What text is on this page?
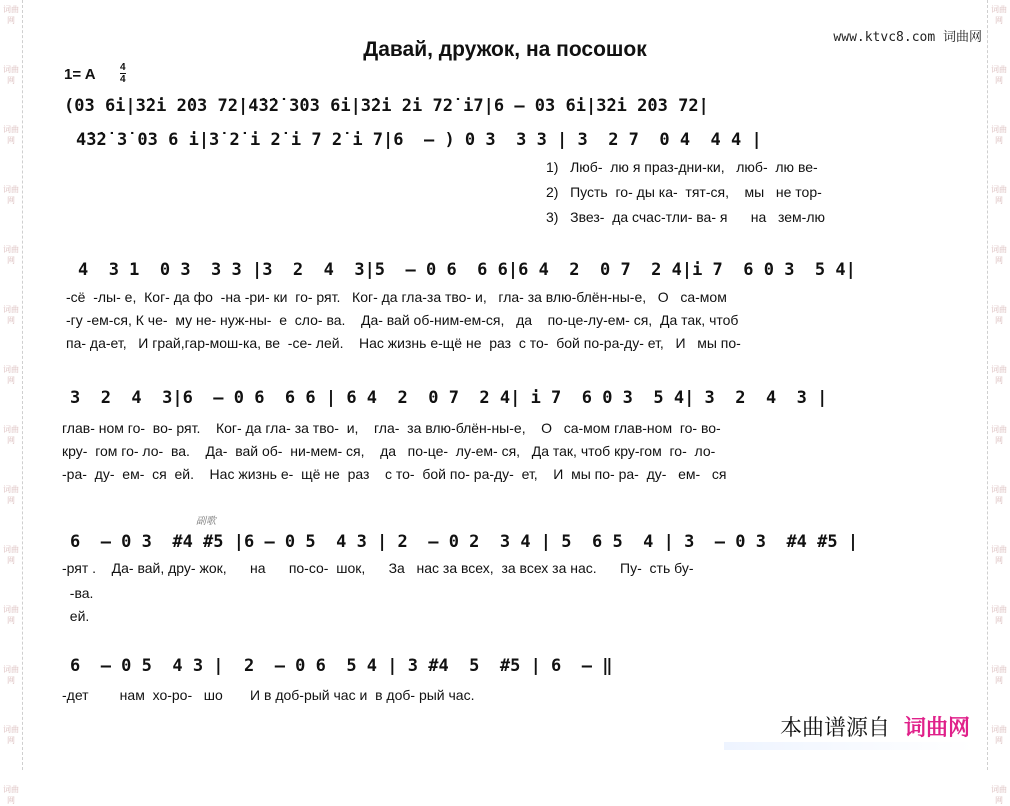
词曲网
词曲网
词曲网
词曲网
词曲网
词曲网
词曲网
词曲网
词曲网
词曲网
词曲网
词曲网
词曲网
词曲网
词曲网
词曲网
词曲网
词曲网
词曲网
词曲网
词曲网
词曲网
词曲网
词曲网
词曲网
词曲网
词曲网
词曲网
www.ktvc8.com 词曲网
Давай, дружок, на посошок
1= A 4
4
(03 6i|3̇2̇i 2̇03 72̇|4̇3̇2̇ 3̇03 6i|3̇2̇i 2̇i 72̇ i7|6 – 03 6i|3̇2̇i 2̇03 72̇|
4̇3̇2̇ 3̇ 03 6 i|3̇ 2̇ i 2̇ i 7 2̇ i 7|6  – ) 0 3  3 3 | 3  2 7  0 4  4 4 |
1)   Люб-  лю я праз-дни-ки,   люб-  лю ве-
2)   Пусть  го- ды ка-  тят-ся,    мы   не тор-
3)   Звез-  да счас-тли- ва- я      на   зем-лю
4  3 1  0 3  3 3 |3  2  4  3|5  – 0 6  6 6|6 4  2  0 7  2 4|i 7  6 0 3  5 4|
-сё  -лы- е,  Ког- да фо  -на -ри- ки  го- рят.   Ког- да гла-за тво- и,   гла- за влю-блён-ны-е,   О   са-мом
-гу -ем-ся, К че-  му не- нуж-ны-  е  сло- ва.    Да- вай об-ним-ем-ся,   да    по-це-лу-ем- ся,  Да так, чтоб
па- да-ет,   И грай,гар-мош-ка, ве  -се- лей.    Нас жизнь е-щё не  раз  с то-  бой по-ра-ду- ет,   И   мы по-
3  2  4  3|6  – 0 6  6 6 | 6 4  2  0 7  2 4| i 7  6 0 3  5 4| 3  2  4  3 |
глав- ном го-  во- рят.    Ког- да гла- за тво-  и,    гла-  за влю-блён-ны-е,    О   са-мом глав-ном  го- во-
кру-  гом го- ло-  ва.    Да-  вай об-  ни-мем- ся,    да   по-це-  лу-ем- ся,   Да так, чтоб кру-гом  го-  ло-
-ра-  ду-  ем-  ся  ей.    Нас жизнь е-  щё не  раз    с то-  бой по- ра-ду-  ет,    И  мы по- ра-  ду-   ем-   ся
副歌
6  – 0 3  #4 #5 |6 – 0 5  4 3 | 2  – 0 2  3 4 | 5  6 5  4 | 3  – 0 3  #4 #5 |
-рят .    Да- вай, дру- жок,      на      по-со-  шок,      За   нас за всех,  за всех за нас.      Пу-  сть бу-
-ва.
ей.
6  – 0 5  4 3 |  2  – 0 6  5 4 | 3 #4  5  #5 | 6  – ‖
-дет        нам  хо-ро-   шо       И в доб-рый час и  в доб- рый час.
本曲谱源自 词曲网
